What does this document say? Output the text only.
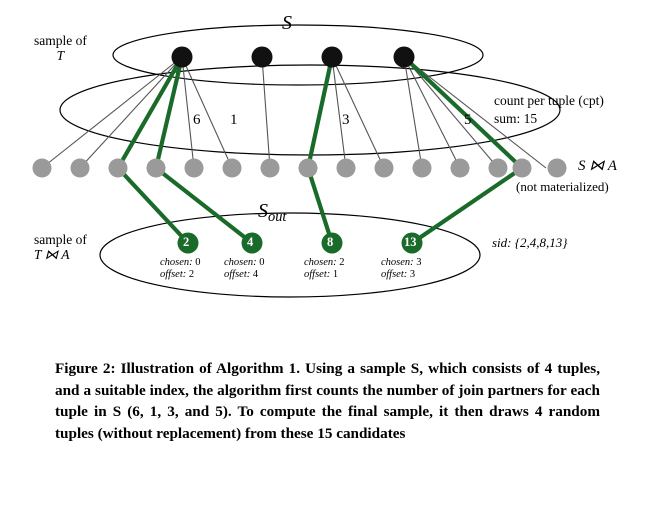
S
sample of
T
count per tuple (cpt)
sum: 15
6 1	3	5
S ⋈ A
(not materialized)
$S_{out}$
sample of
T ⋈ A
sid: {2,4,8,13}
2	4	8	13
chosen: 0
offset: 2
chosen: 0
offset: 4
chosen: 2
offset: 1
chosen: 3
offset: 3
Figure 2: Illustration of Algorithm 1. Using a sample S, which consists of 4 tuples, and a suitable index, the algorithm first counts the number of join partners for each tuple in S (6, 1, 3, and 5). To compute the final sample, it then draws 4 random tuples (without replacement) from these 15 candidates
